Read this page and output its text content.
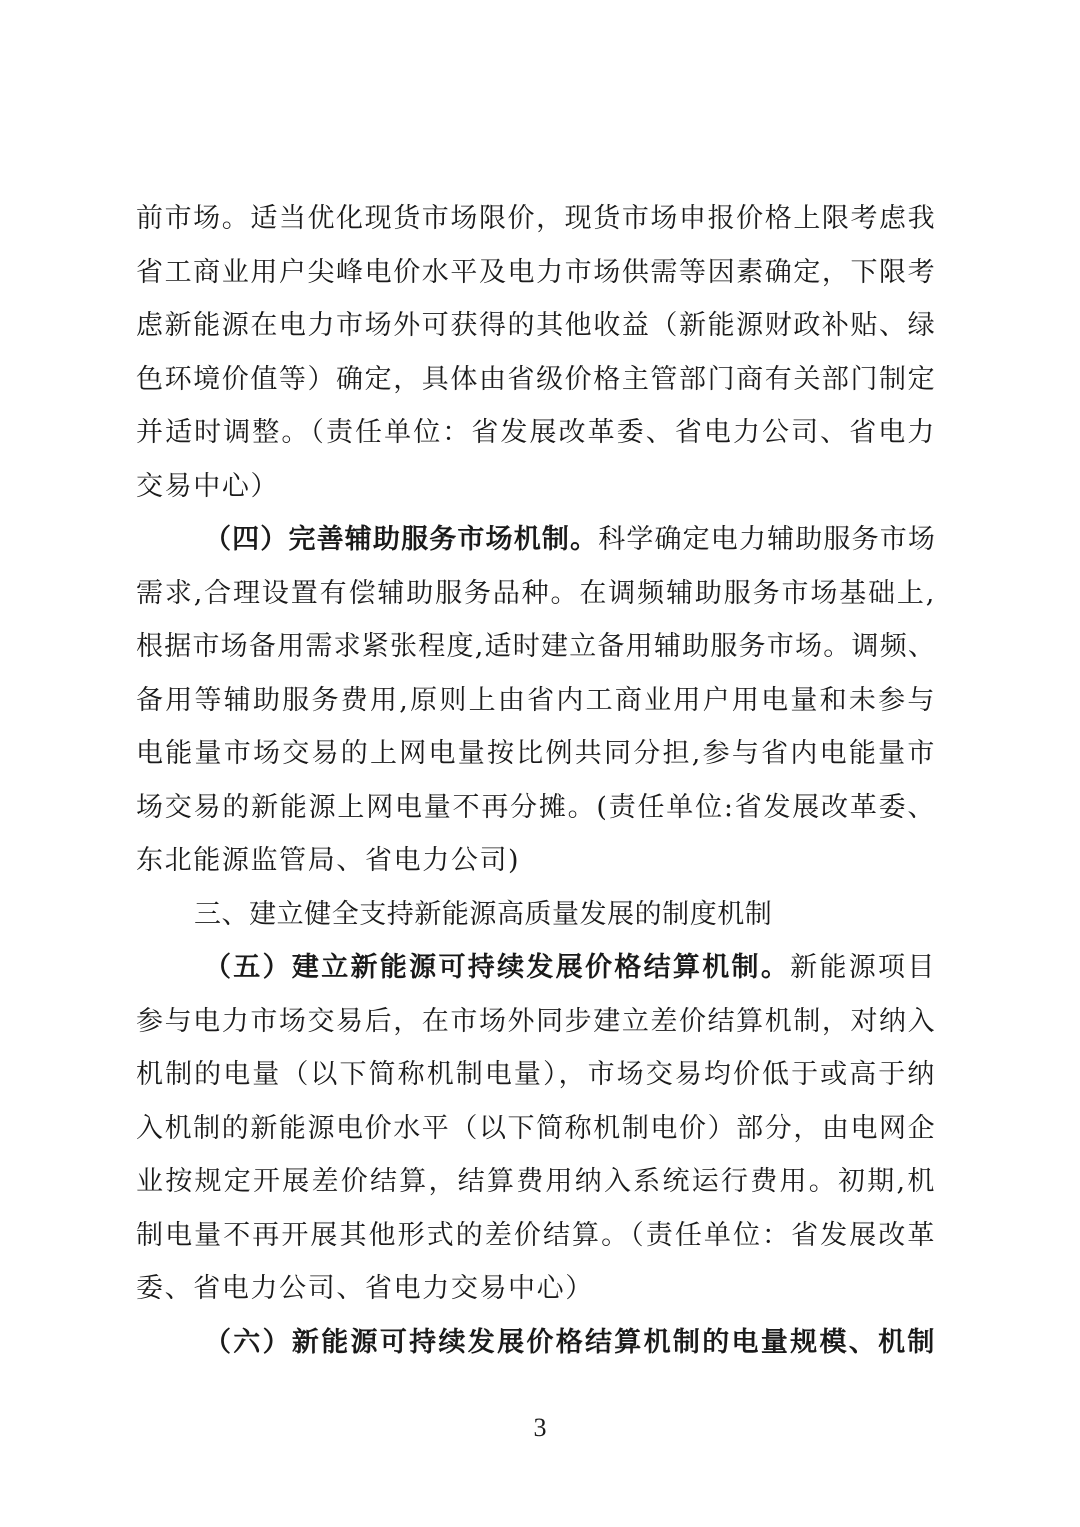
前市场。适当优化现货市场限价，现货市场申报价格上限考虑我
省工商业用户尖峰电价水平及电力市场供需等因素确定，下限考
虑新能源在电力市场外可获得的其他收益（新能源财政补贴、绿
色环境价值等）确定，具体由省级价格主管部门商有关部门制定
并适时调整。（责任单位：省发展改革委、省电力公司、省电力
交易中心）
（四）完善辅助服务市场机制。科学确定电力辅助服务市场
需求,合理设置有偿辅助服务品种。在调频辅助服务市场基础上,
根据市场备用需求紧张程度,适时建立备用辅助服务市场。调频、
备用等辅助服务费用,原则上由省内工商业用户用电量和未参与
电能量市场交易的上网电量按比例共同分担,参与省内电能量市
场交易的新能源上网电量不再分摊。(责任单位:省发展改革委、
东北能源监管局、省电力公司)
三、建立健全支持新能源高质量发展的制度机制
（五）建立新能源可持续发展价格结算机制。新能源项目
参与电力市场交易后，在市场外同步建立差价结算机制，对纳入
机制的电量（以下简称机制电量），市场交易均价低于或高于纳
入机制的新能源电价水平（以下简称机制电价）部分，由电网企
业按规定开展差价结算，结算费用纳入系统运行费用。初期,机
制电量不再开展其他形式的差价结算。（责任单位：省发展改革
委、省电力公司、省电力交易中心）
（六）新能源可持续发展价格结算机制的电量规模、机制
3
